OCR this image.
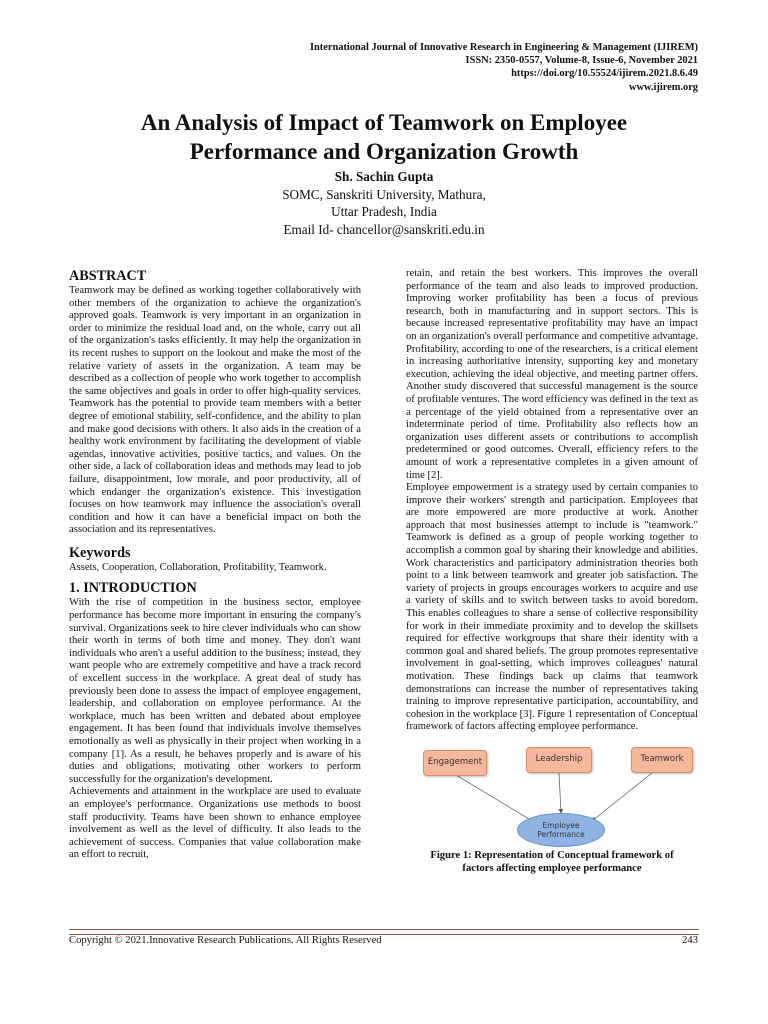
International Journal of Innovative Research in Engineering & Management (IJIREM)
ISSN: 2350-0557, Volume-8, Issue-6, November 2021
https://doi.org/10.55524/ijirem.2021.8.6.49
www.ijirem.org
An Analysis of Impact of Teamwork on Employee
Performance and Organization Growth
Sh. Sachin Gupta
SOMC, Sanskriti University, Mathura,
Uttar Pradesh, India
Email Id- chancellor@sanskriti.edu.in
ABSTRACT

Teamwork may be defined as working together collaboratively with other members of the organization to achieve the organization's approved goals. Teamwork is very important in an organization in order to minimize the residual load and, on the whole, carry out all of the organization's tasks efficiently. It may help the organization in its recent rushes to support on the lookout and make the most of the relative variety of assets in the organization. A team may be described as a collection of people who work together to accomplish the same objectives and goals in order to offer high-quality services. Teamwork has the potential to provide team members with a better degree of emotional stability, self-confidence, and the ability to plan and make good decisions with others. It also aids in the creation of a healthy work environment by facilitating the development of viable agendas, innovative activities, positive tactics, and values. On the other side, a lack of collaboration ideas and methods may lead to job failure, disappointment, low morale, and poor productivity, all of which endanger the organization's existence. This investigation focuses on how teamwork may influence the association's overall condition and how it can have a beneficial impact on both the association and its representatives.

Keywords

Assets, Cooperation, Collaboration, Profitability, Teamwork.

1. INTRODUCTION

With the rise of competition in the business sector, employee performance has become more important in ensuring the company's survival. Organizations seek to hire clever individuals who can show their worth in terms of both time and money. They don't want individuals who aren't a useful addition to the business; instead, they want people who are extremely competitive and have a track record of excellent success in the workplace. A great deal of study has previously been done to assess the impact of employee engagement, leadership, and collaboration on employee performance. At the workplace, much has been written and debated about employee engagement. It has been found that individuals involve themselves emotionally as well as physically in their project when working in a company [1]. As a result, he behaves properly and is aware of his duties and obligations, motivating other workers to perform successfully for the organization's development.

Achievements and attainment in the workplace are used to evaluate an employee's performance. Organizations use methods to boost staff productivity. Teams have been shown to enhance employee involvement as well as the level of difficulty. It also leads to the achievement of success. Companies that value collaboration make an effort to recruit,

retain, and retain the best workers. This improves the overall performance of the team and also leads to improved production. Improving worker profitability has been a focus of previous research, both in manufacturing and in support sectors. This is because increased representative profitability may have an impact on an organization's overall performance and competitive advantage. Profitability, according to one of the researchers, is a critical element in increasing authoritative intensity, supporting key and monetary execution, achieving the ideal objective, and meeting partner offers. Another study discovered that successful management is the source of profitable ventures. The word efficiency was defined in the text as a percentage of the yield obtained from a representative over an indeterminate period of time. Profitability also reflects how an organization uses different assets or contributions to accomplish predetermined or good outcomes. Overall, efficiency refers to the amount of work a representative completes in a given amount of time [2].

Employee empowerment is a strategy used by certain companies to improve their workers' strength and participation. Employees that are more empowered are more productive at work. Another approach that most businesses attempt to include is "teamwork." Teamwork is defined as a group of people working together to accomplish a common goal by sharing their knowledge and abilities. Work characteristics and participatory administration theories both point to a link between teamwork and greater job satisfaction. The variety of projects in groups encourages workers to acquire and use a variety of skills and to switch between tasks to avoid boredom. This enables colleagues to share a sense of collective responsibility for work in their immediate proximity and to develop the skillsets required for effective workgroups that share their identity with a common goal and shared beliefs. The group promotes representative involvement in goal-setting, which improves colleagues' natural motivation. These findings back up claims that teamwork demonstrations can increase the number of representatives taking training to improve representative participation, accountability, and cohesion in the workplace [3]. Figure 1 representation of Conceptual framework of factors affecting employee performance.

Engagement	Leadership	Teamwork
Employee
Performance
Figure 1: Representation of Conceptual framework of
factors affecting employee performance
Copyright © 2021.Innovative Research Publications. All Rights Reserved	243
